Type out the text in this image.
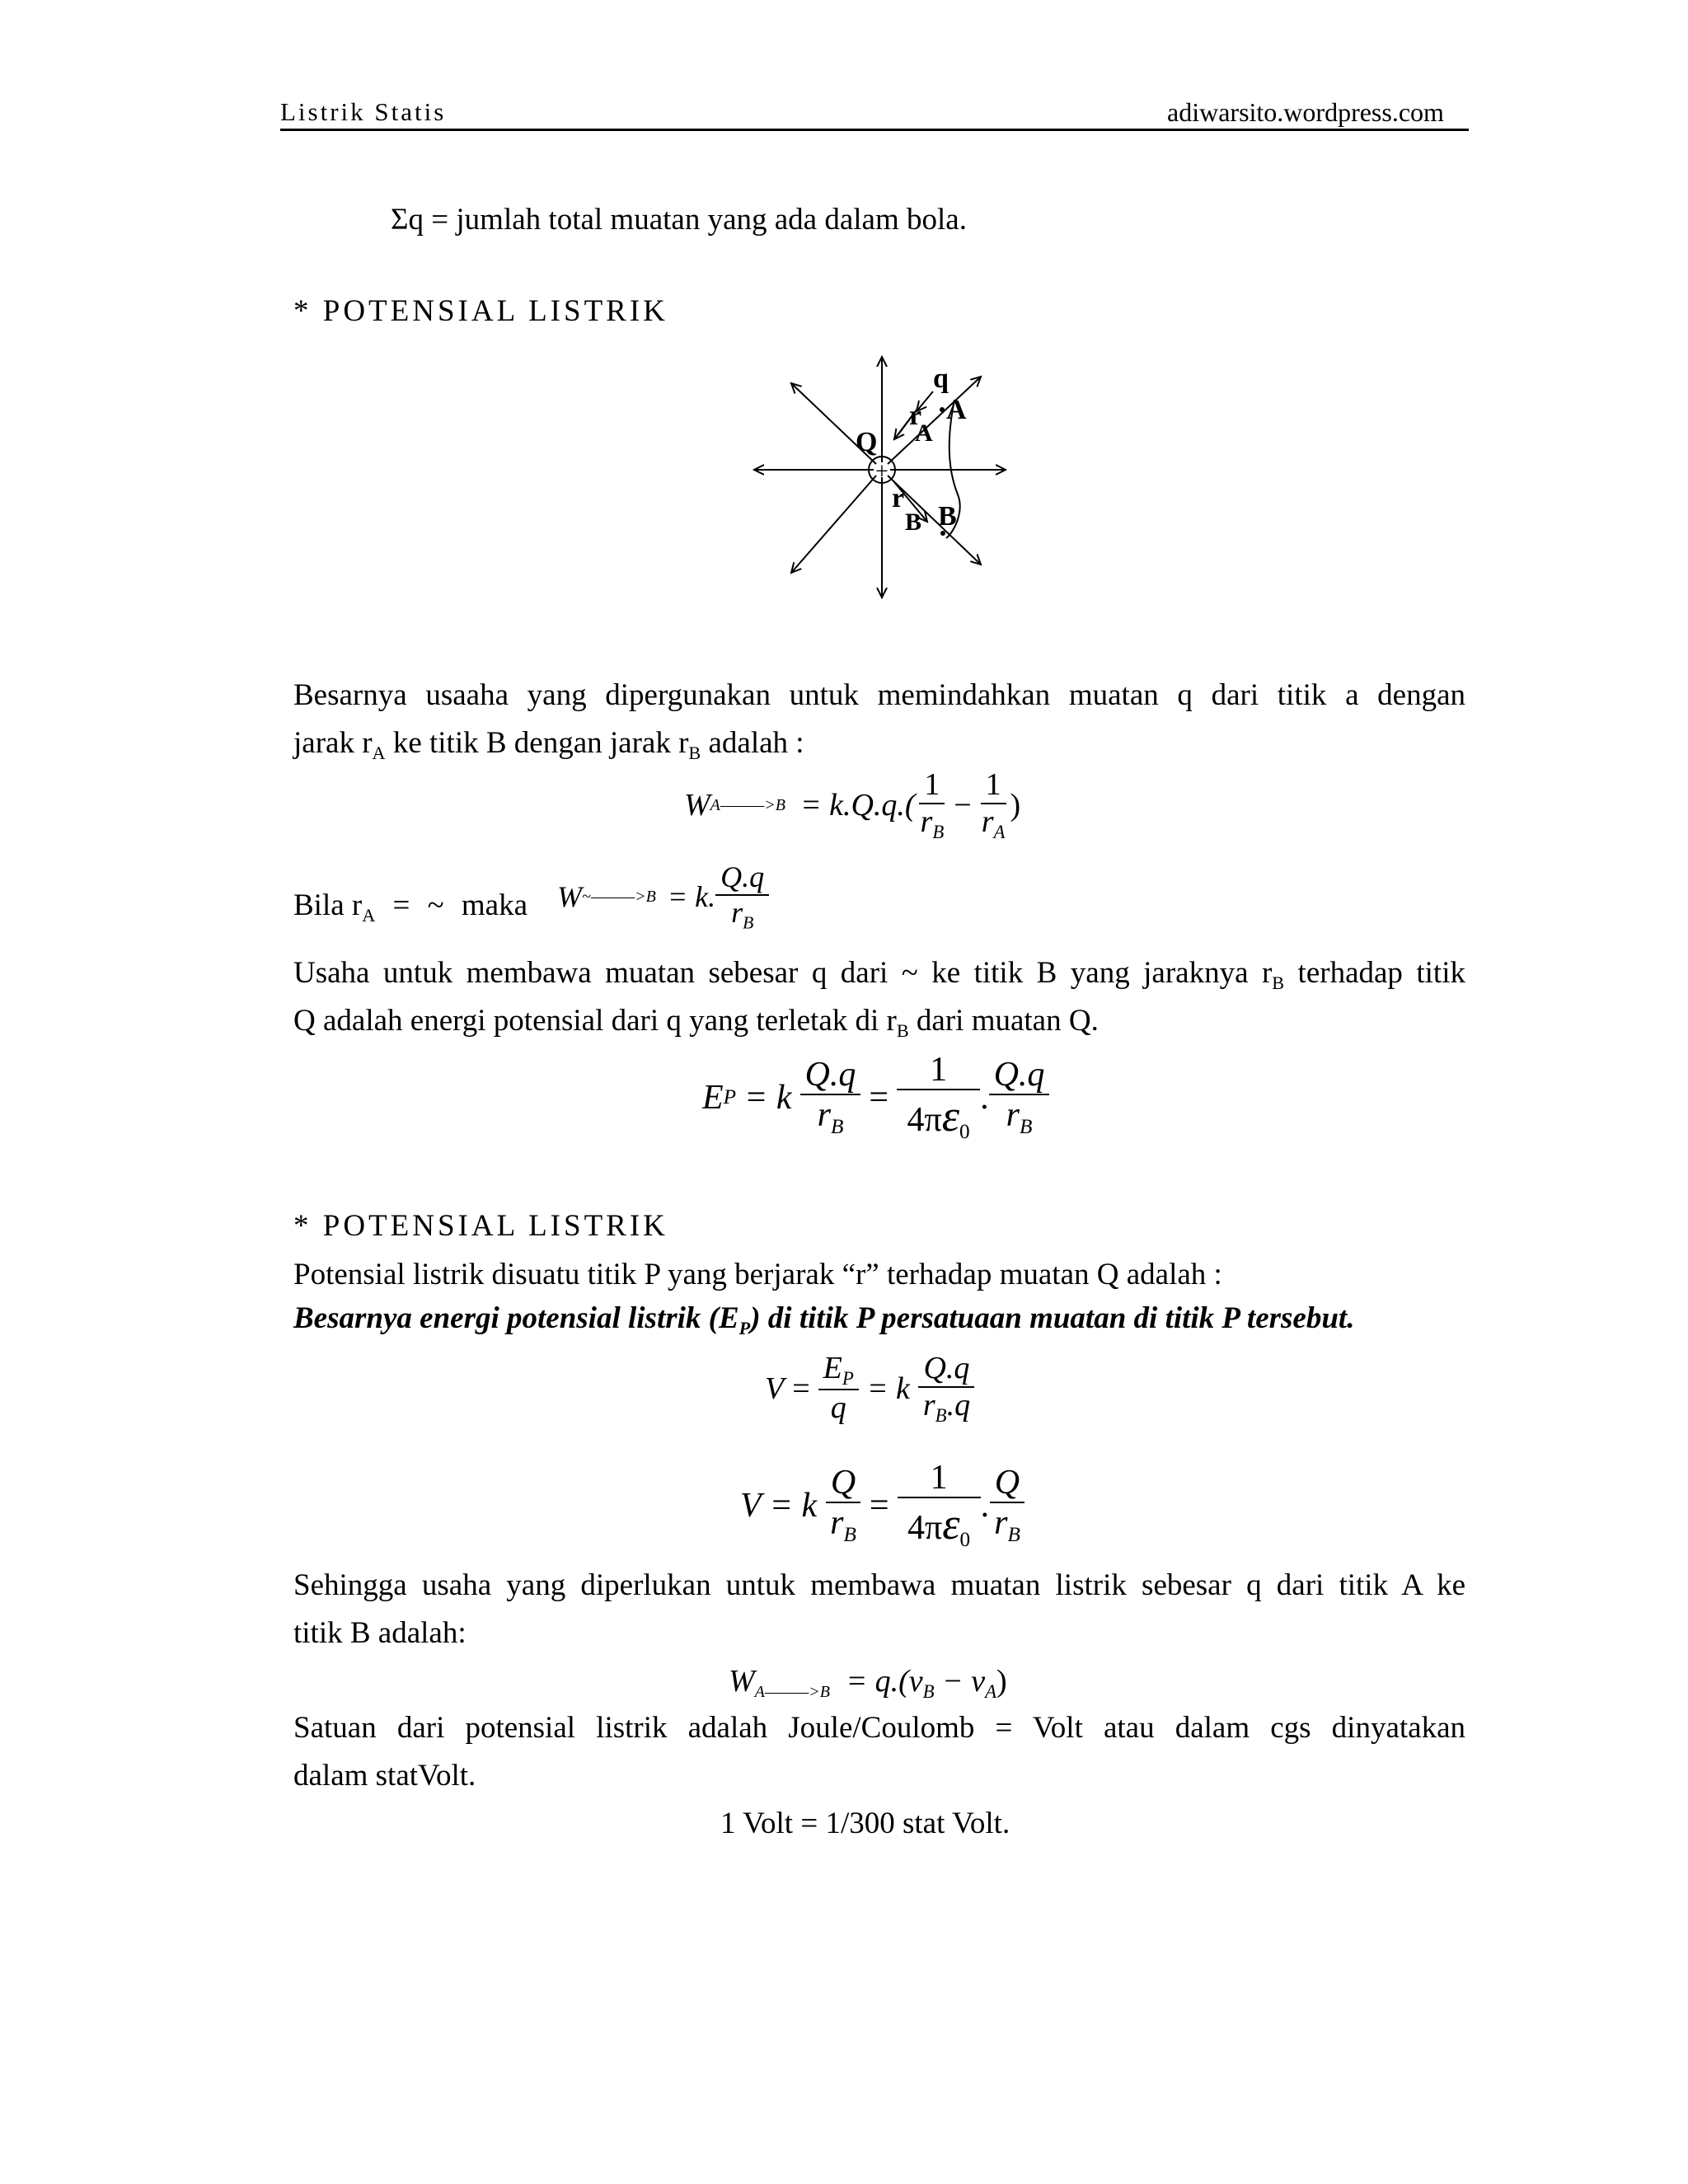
Listrik Statis	adiwarsito.wordpress.com
Σq = jumlah total muatan yang ada dalam bola.
* POTENSIAL LISTRIK
q
Q
r
A
A
+
r
B B
Besarnya usaaha yang dipergunakan untuk memindahkan muatan q dari titik a dengan
jarak $r_A$ ke titik B dengan jarak $r_B$ adalah :
W A———>B = $k.Q.q.( \frac{1}{r_B} - \frac{1}{r_A}$ )
Bila $r_A$ = ~ maka W ~———>B = k. $\frac{Q.q}{r_B}$
Usaha untuk membawa muatan sebesar q dari ~ ke titik B yang jaraknya $r_B$ terhadap titik
Q adalah energi potensial dari q yang terletak di $r_B$ dari muatan Q.
E P = k $\frac{Q.q}{r_B} = \frac{1}{4\pi\varepsilon_0}$ . $\frac{Q.q}{r_B}$
* POTENSIAL LISTRIK
Potensial listrik disuatu titik P yang berjarak “r” terhadap muatan Q adalah :
Besarnya energi potensial listrik $(E_P)$ di titik P persatuaan muatan di titik P tersebut.
$V = \frac{E_P}{q} = k \frac{Q.q}{r_B.q}$
V = k $\frac{Q}{r_B} = \frac{1}{4\pi\varepsilon_0}$ . $\frac{Q}{r_B}$
Sehingga usaha yang diperlukan untuk membawa muatan listrik sebesar q dari titik A ke
titik B adalah:
$W_{A———>B} = q.(v_B - v_A)$
Satuan dari potensial listrik adalah Joule/Coulomb = Volt atau dalam cgs dinyatakan
dalam statVolt.
1 Volt = 1/300 stat Volt.
